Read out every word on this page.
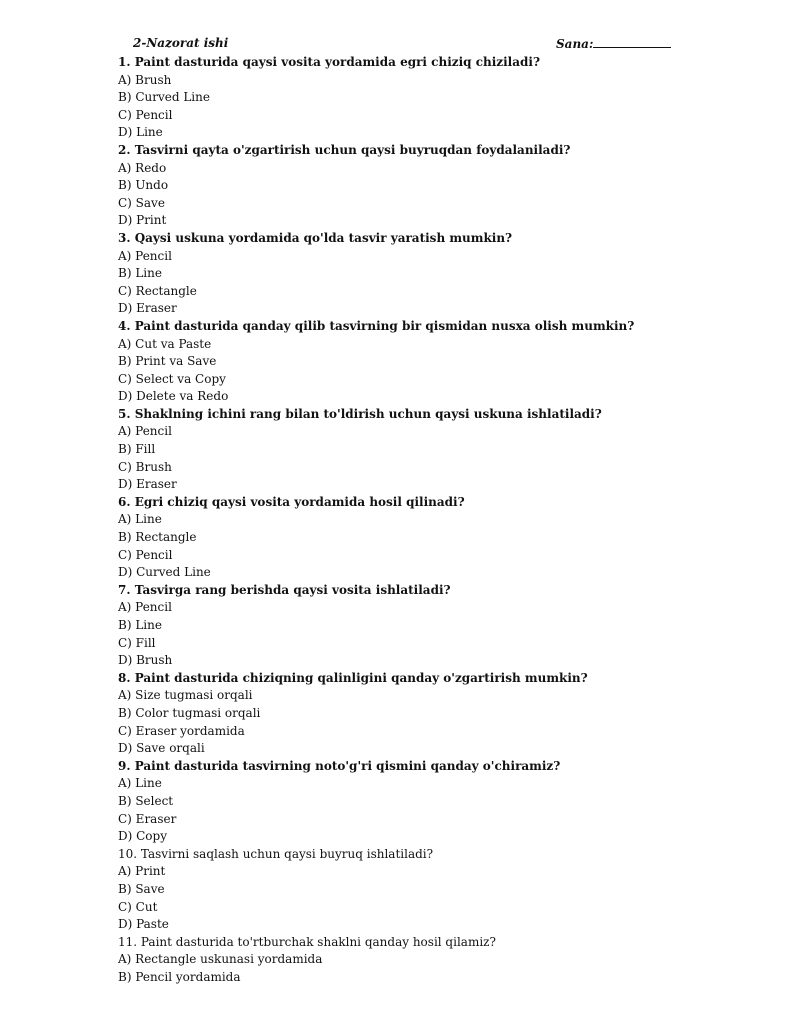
2-Nazorat ishi	Sana:
1. Paint dasturida qaysi vosita yordamida egri chiziq chiziladi?
A) Brush
B) Curved Line
C) Pencil
D) Line
2. Tasvirni qayta o'zgartirish uchun qaysi buyruqdan foydalaniladi?
A) Redo
B) Undo
C) Save
D) Print
3. Qaysi uskuna yordamida qo'lda tasvir yaratish mumkin?
A) Pencil
B) Line
C) Rectangle
D) Eraser
4. Paint dasturida qanday qilib tasvirning bir qismidan nusxa olish mumkin?
A) Cut va Paste
B) Print va Save
C) Select va Copy
D) Delete va Redo
5. Shaklning ichini rang bilan to'ldirish uchun qaysi uskuna ishlatiladi?
A) Pencil
B) Fill
C) Brush
D) Eraser
6. Egri chiziq qaysi vosita yordamida hosil qilinadi?
A) Line
B) Rectangle
C) Pencil
D) Curved Line
7. Tasvirga rang berishda qaysi vosita ishlatiladi?
A) Pencil
B) Line
C) Fill
D) Brush
8. Paint dasturida chiziqning qalinligini qanday o'zgartirish mumkin?
A) Size tugmasi orqali
B) Color tugmasi orqali
C) Eraser yordamida
D) Save orqali
9. Paint dasturida tasvirning noto'g'ri qismini qanday o'chiramiz?
A) Line
B) Select
C) Eraser
D) Copy
10. Tasvirni saqlash uchun qaysi buyruq ishlatiladi?
A) Print
B) Save
C) Cut
D) Paste
11. Paint dasturida to'rtburchak shaklni qanday hosil qilamiz?
A) Rectangle uskunasi yordamida
B) Pencil yordamida
